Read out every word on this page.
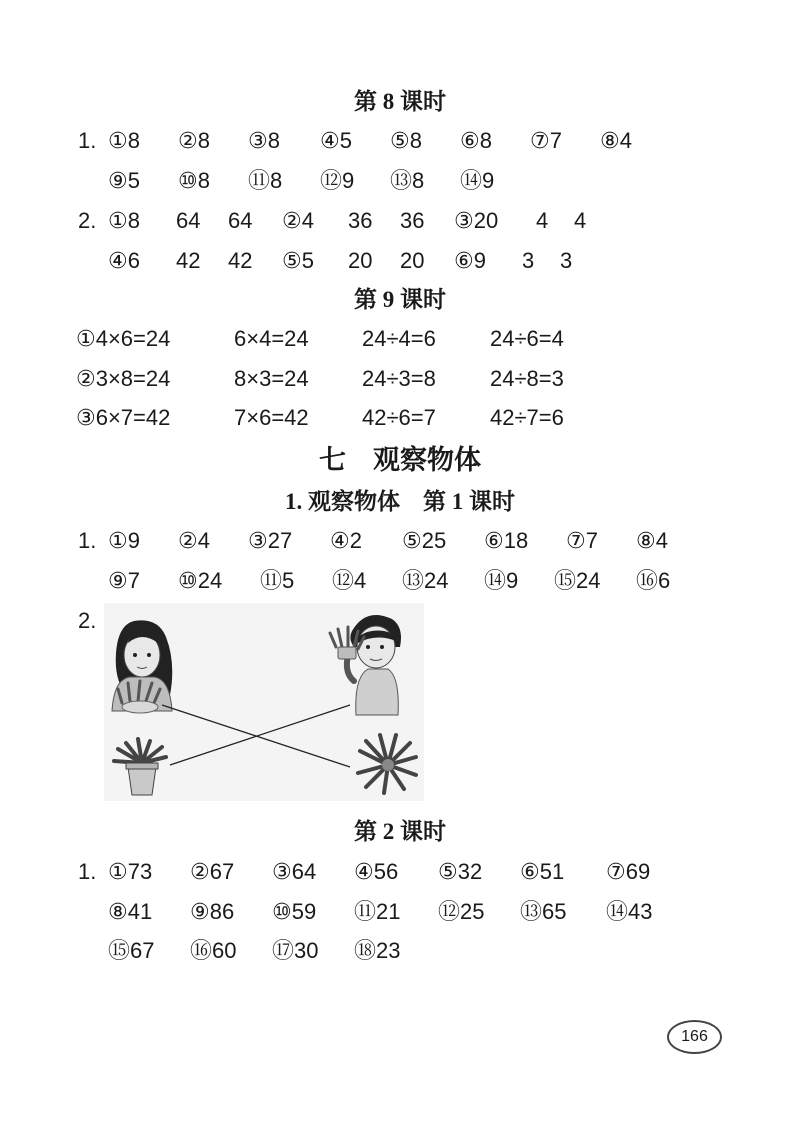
第 8 课时
1. ①8 ②8 ③8 ④5 ⑤8 ⑥8 ⑦7 ⑧4
⑨5 ⑩8 ⑪8 ⑫9 ⑬8 ⑭9
2. ①8 64 64 ②4 36 36 ③20 4 4
④6 42 42 ⑤5 20 20 ⑥9 3 3
第 9 课时
①4×6=24	6×4=24 24÷4=6 24÷6=4
②3×8=24	8×3=24 24÷3=8 24÷8=3
③6×7=42	7×6=42 42÷6=7 42÷7=6
七　观察物体
1. 观察物体　第 1 课时
1. ①9 ②4 ③27 ④2 ⑤25 ⑥18 ⑦7 ⑧4
⑨7 ⑩24 ⑪5 ⑫4 ⑬24 ⑭9 ⑮24 ⑯6
2.
第 2 课时
1. ①73 ②67 ③64 ④56 ⑤32 ⑥51 ⑦69
⑧41 ⑨86 ⑩59 ⑪21 ⑫25 ⑬65 ⑭43
⑮67 ⑯60 ⑰30 ⑱23
166
